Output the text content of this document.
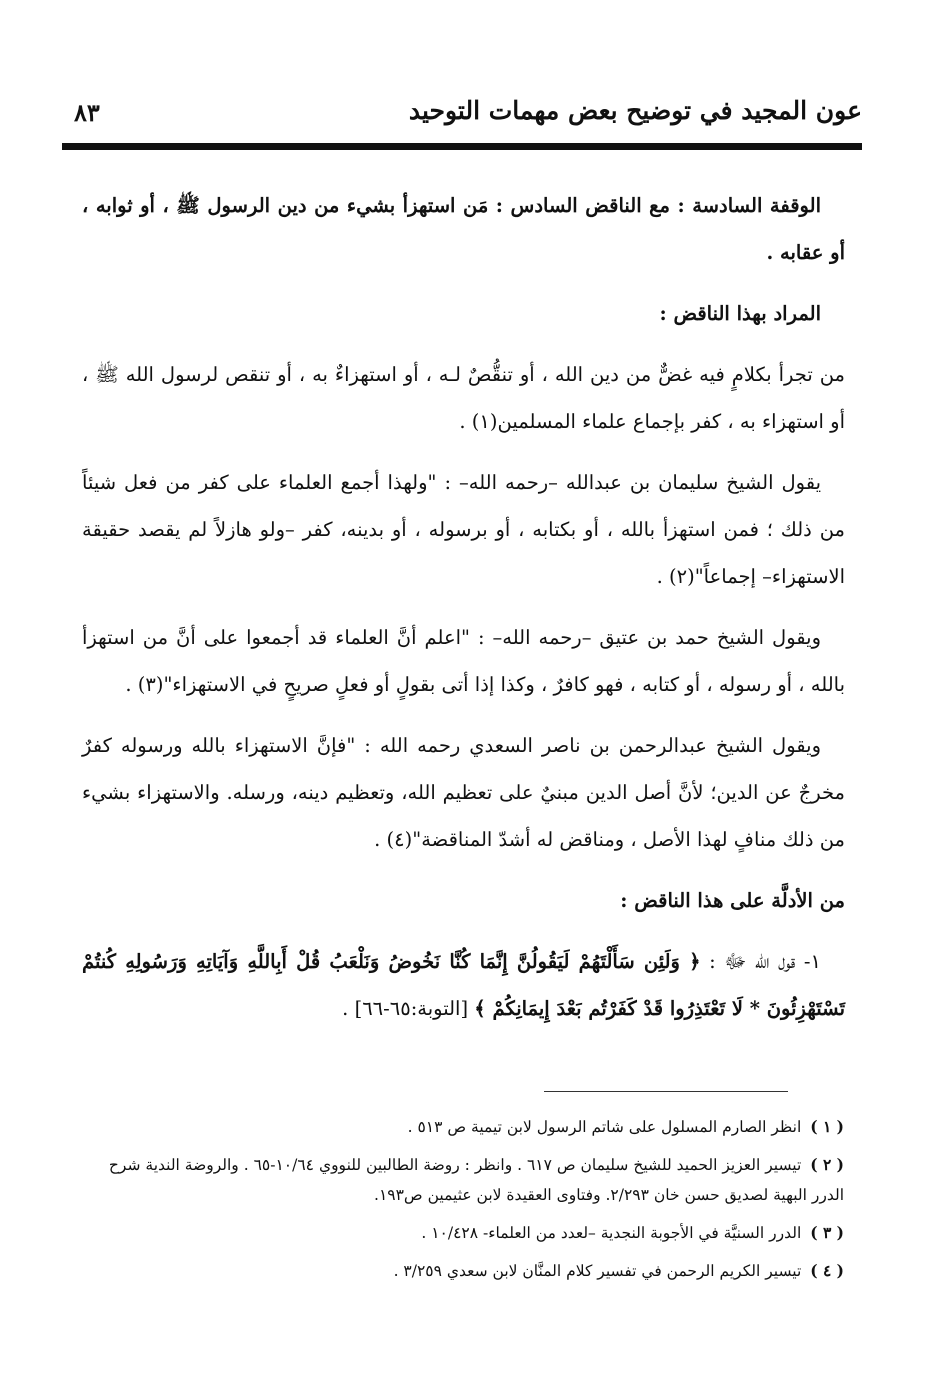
عون المجيد في توضيح بعض مهمات التوحيد
٨٣

الوقفة السادسة : مع الناقض السادس : مَن استهزأ بشيء من دين الرسول ﷺ ، أو ثوابه ، أو عقابه .

المراد بهذا الناقض :

من تجرأ بكلامٍ فيه غضٌّ من دين الله ، أو تنقُّصٌ لـه ، أو استهزاءٌ به ، أو تنقص لرسول الله ﷺ ، أو استهزاء به ، كفر بإجماع علماء المسلمين(١) .

يقول الشيخ سليمان بن عبدالله –رحمه الله– : "ولهذا أجمع العلماء على كفر من فعل شيئاً من ذلك ؛ فمن استهزأ بالله ، أو بكتابه ، أو برسوله ، أو بدينه، كفر –ولو هازلاً لم يقصد حقيقة الاستهزاء– إجماعاً"(٢) .

ويقول الشيخ حمد بن عتيق –رحمه الله– : "اعلم أنَّ العلماء قد أجمعوا على أنَّ من استهزأ بالله ، أو رسوله ، أو كتابه ، فهو كافرٌ ، وكذا إذا أتى بقولٍ أو فعلٍ صريحٍ في الاستهزاء"(٣) .

ويقول الشيخ عبدالرحمن بن ناصر السعدي رحمه الله : "فإنَّ الاستهزاء بالله ورسوله كفرٌ مخرجٌ عن الدين؛ لأنَّ أصل الدين مبنيٌ على تعظيم الله، وتعظيم دينه، ورسله. والاستهزاء بشيء من ذلك منافٍ لهذا الأصل ، ومناقض له أشدّ المناقضة"(٤) .

من الأدلَّة على هذا الناقض :

١- قول الله ﷻ : ﴿ وَلَئِن سَأَلْتَهُمْ لَيَقُولُنَّ إِنَّمَا كُنَّا نَخُوضُ وَنَلْعَبُ قُلْ أَبِاللَّهِ وَآيَاتِهِ وَرَسُولِهِ كُنتُمْ تَسْتَهْزِئُونَ * لَا تَعْتَذِرُوا قَدْ كَفَرْتُم بَعْدَ إِيمَانِكُمْ ﴾ [التوبة:٦٥-٦٦] .

( ١ ) انظر الصارم المسلول على شاتم الرسول لابن تيمية ص ٥١٣ .

( ٢ ) تيسير العزيز الحميد للشيخ سليمان ص ٦١٧ . وانظر : روضة الطالبين للنووي ١٠/٦٤-٦٥ . والروضة الندية شرح الدرر البهية لصديق حسن خان ٢/٢٩٣. وفتاوى العقيدة لابن عثيمين ص١٩٣.

( ٣ ) الدرر السنيَّة في الأجوبة النجدية –لعدد من العلماء- ١٠/٤٢٨ .

( ٤ ) تيسير الكريم الرحمن في تفسير كلام المنَّان لابن سعدي ٣/٢٥٩ .
